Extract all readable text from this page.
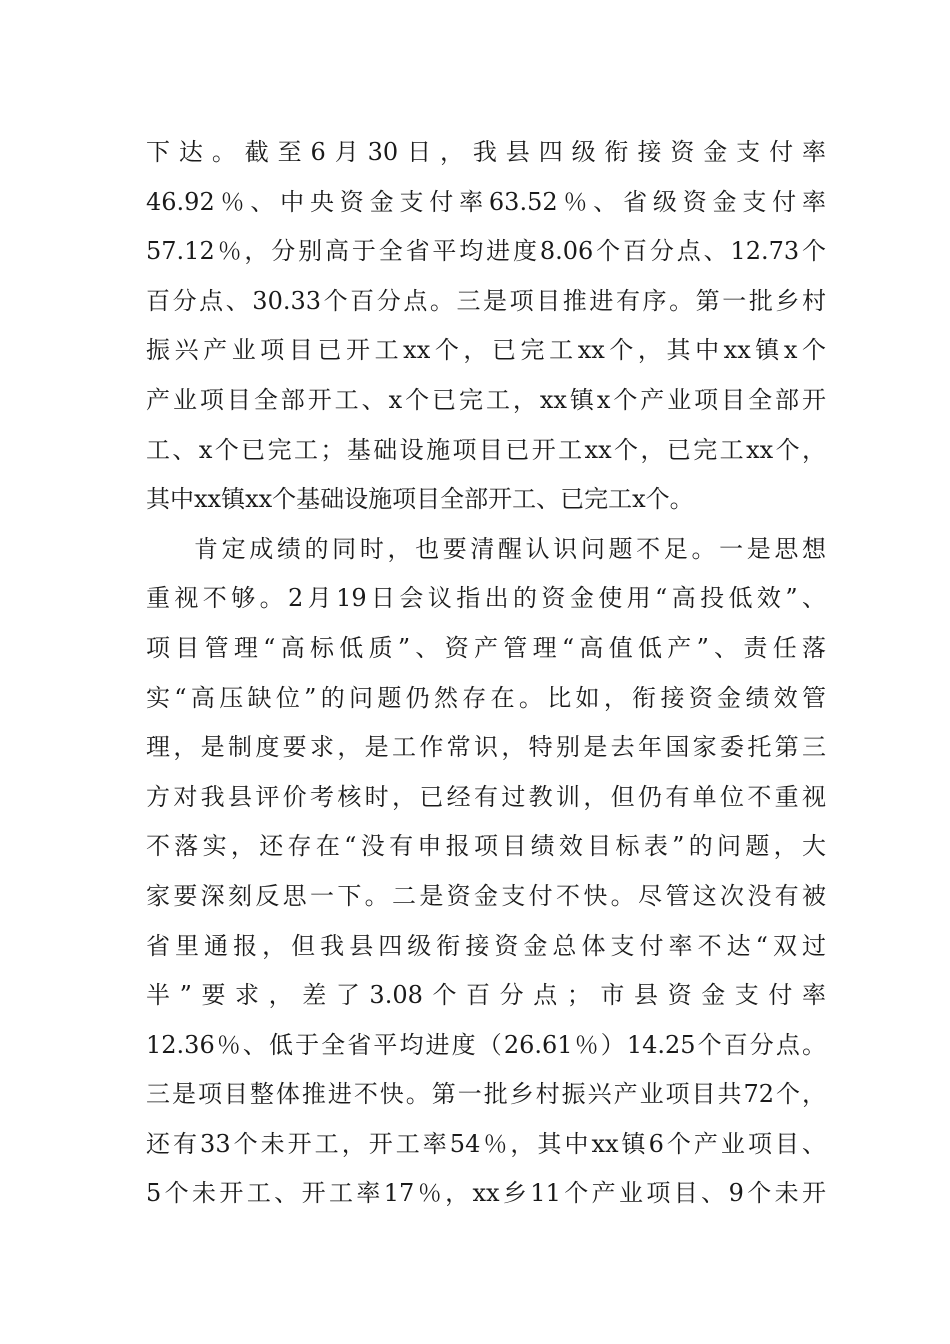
下达。截至6月30日，我县四级衔接资金支付率
46.92％、中央资金支付率63.52％、省级资金支付率
57.12％，分别高于全省平均进度8.06个百分点、12.73个
百分点、30.33个百分点。三是项目推进有序。第一批乡村
振兴产业项目已开工xx个，已完工xx个，其中xx镇x个
产业项目全部开工、x个已完工，xx镇x个产业项目全部开
工、x个已完工；基础设施项目已开工xx个，已完工xx个，
其中xx镇xx个基础设施项目全部开工、已完工x个。
肯定成绩的同时，也要清醒认识问题不足。一是思想
重视不够。2月19日会议指出的资金使用“高投低效”、
项目管理“高标低质”、资产管理“高值低产”、责任落
实“高压缺位”的问题仍然存在。比如，衔接资金绩效管
理，是制度要求，是工作常识，特别是去年国家委托第三
方对我县评价考核时，已经有过教训，但仍有单位不重视
不落实，还存在“没有申报项目绩效目标表”的问题，大
家要深刻反思一下。二是资金支付不快。尽管这次没有被
省里通报，但我县四级衔接资金总体支付率不达“双过
半”要求，差了3.08个百分点；市县资金支付率
12.36％、低于全省平均进度（26.61％）14.25个百分点。
三是项目整体推进不快。第一批乡村振兴产业项目共72个，
还有33个未开工，开工率54％，其中xx镇6个产业项目、
5个未开工、开工率17％，xx乡11个产业项目、9个未开
